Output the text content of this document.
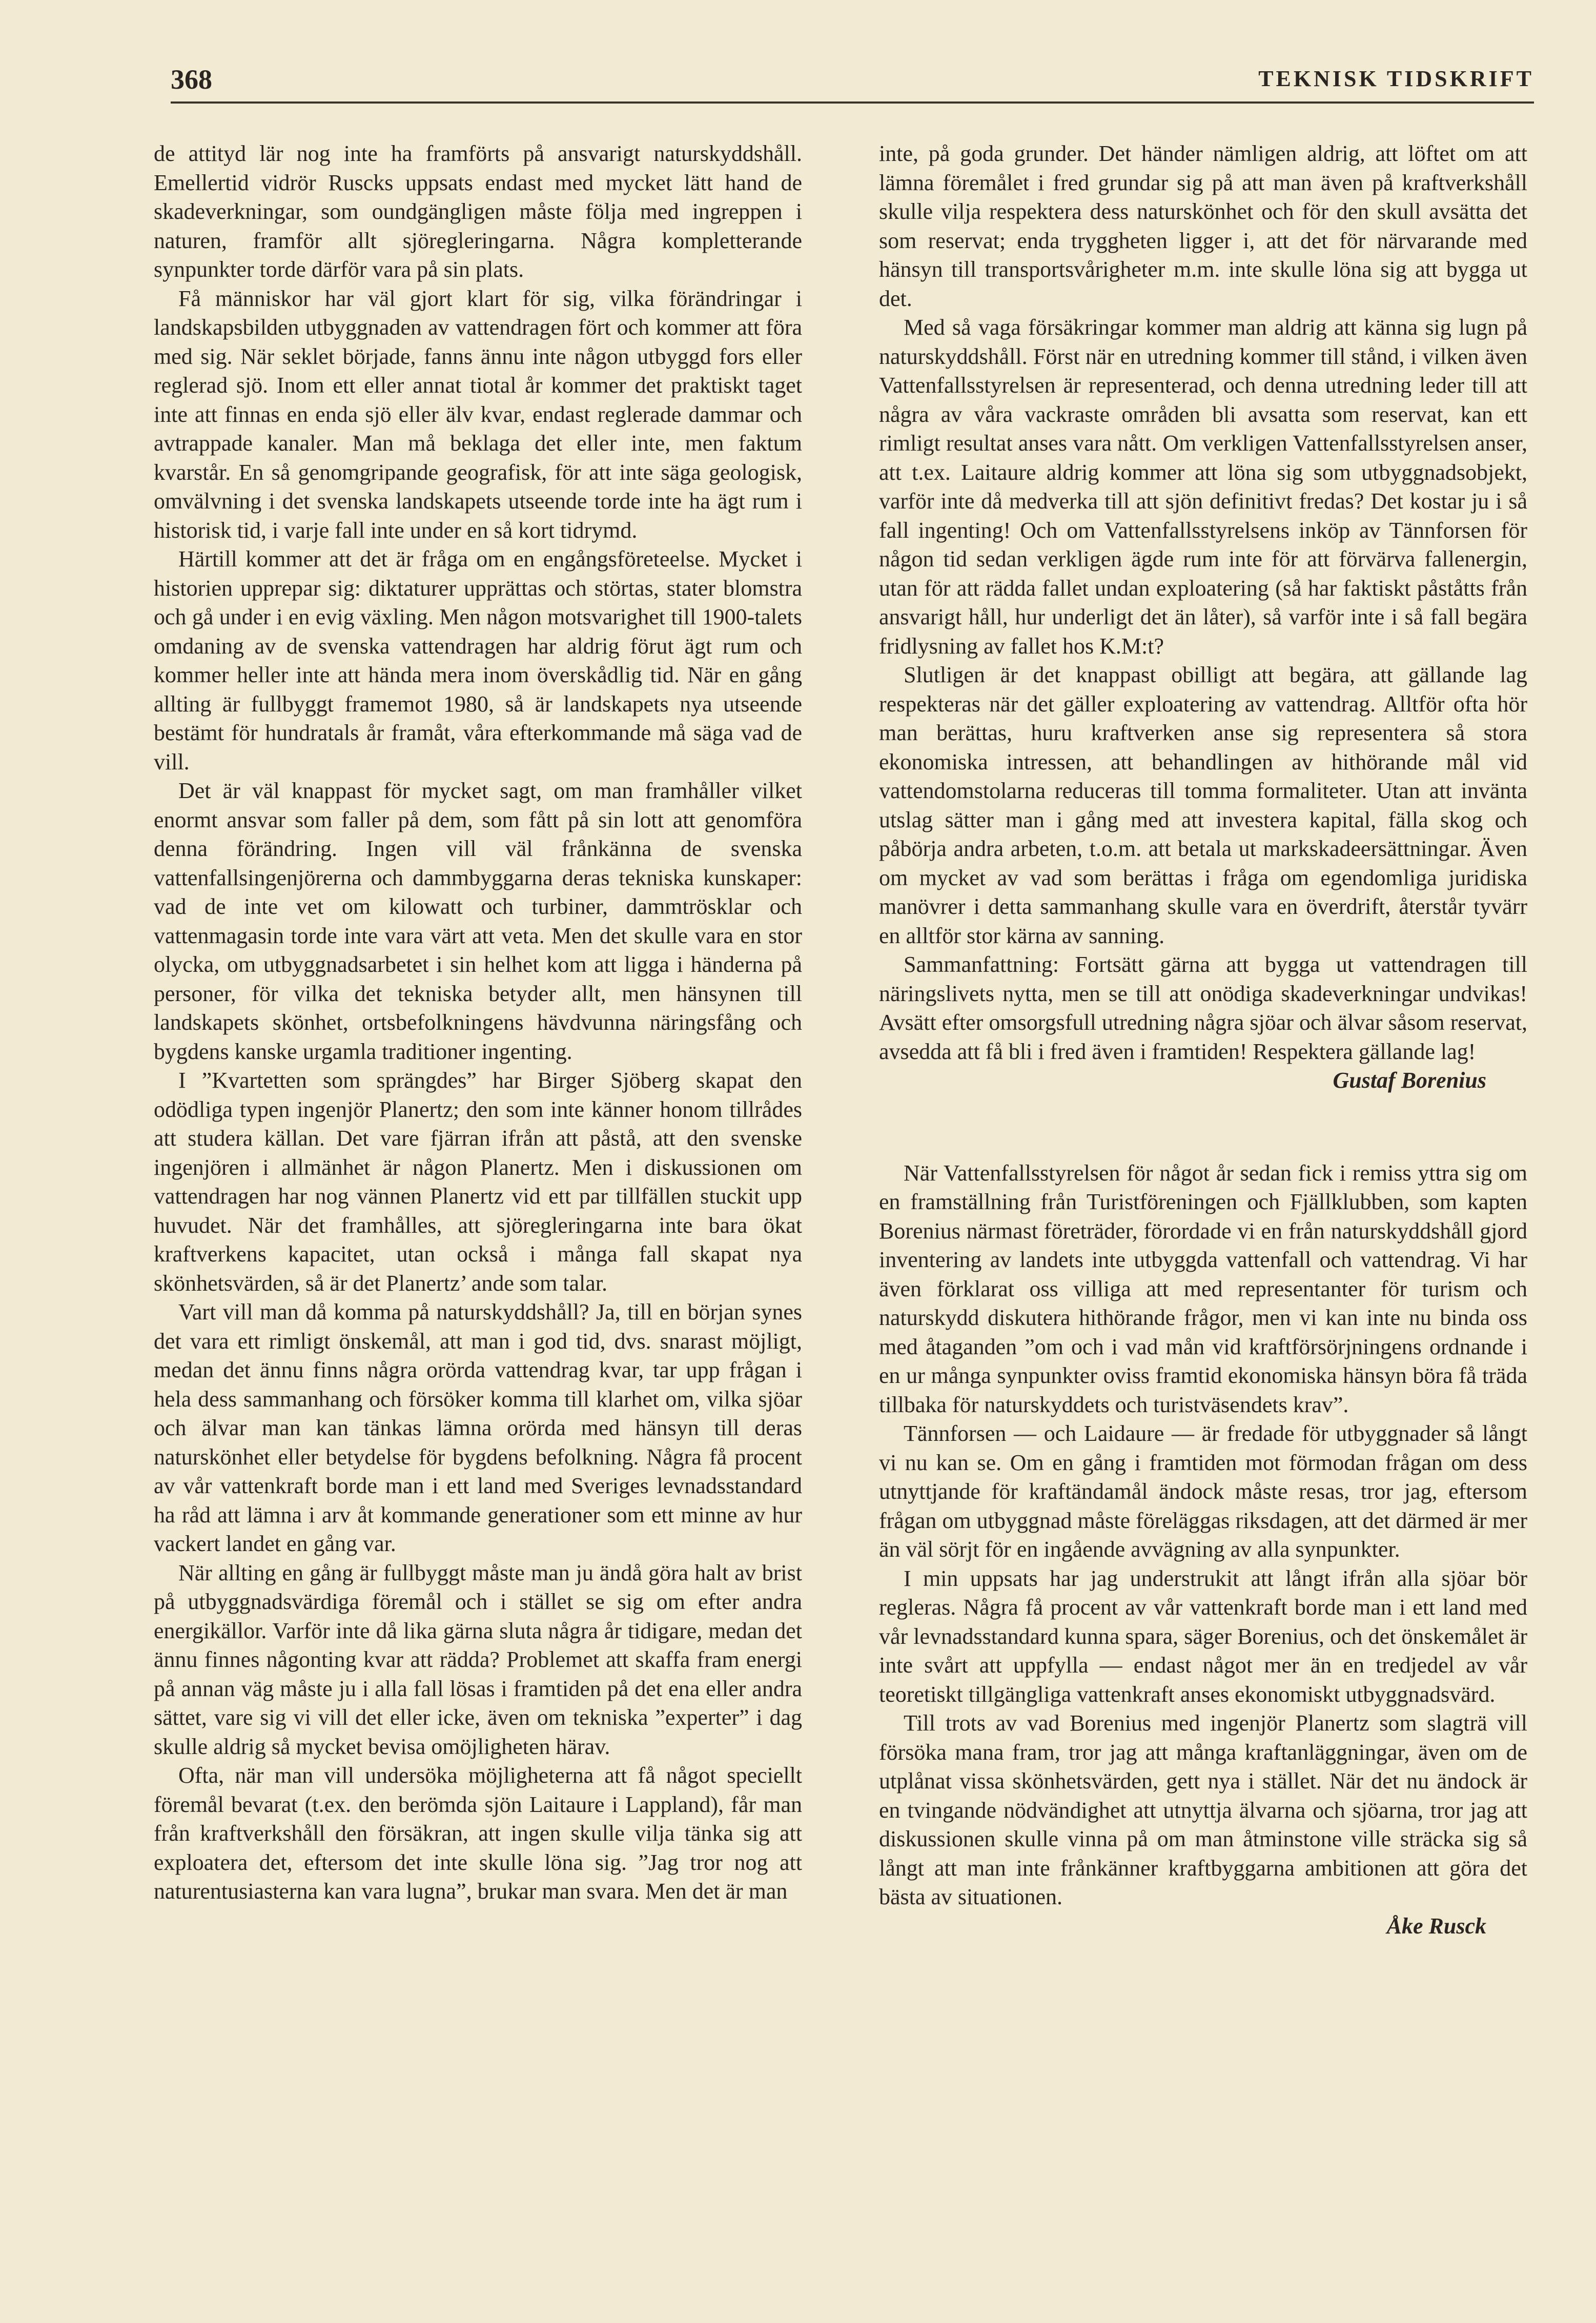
368	TEKNISK TIDSKRIFT

de attityd lär nog inte ha framförts på ansvarigt naturskyddshåll. Emellertid vidrör Ruscks uppsats endast med mycket lätt hand de skadeverkningar, som oundgängligen måste följa med ingreppen i naturen, framför allt sjöregleringarna. Några kompletterande synpunkter torde därför vara på sin plats.

Få människor har väl gjort klart för sig, vilka förändringar i landskapsbilden utbyggnaden av vattendragen fört och kommer att föra med sig. När seklet började, fanns ännu inte någon utbyggd fors eller reglerad sjö. Inom ett eller annat tiotal år kommer det praktiskt taget inte att finnas en enda sjö eller älv kvar, endast reglerade dammar och avtrappade kanaler. Man må beklaga det eller inte, men faktum kvarstår. En så genomgripande geografisk, för att inte säga geologisk, omvälvning i det svenska landskapets utseende torde inte ha ägt rum i historisk tid, i varje fall inte under en så kort tidrymd.

Härtill kommer att det är fråga om en engångsföreteelse. Mycket i historien upprepar sig: diktaturer upprättas och störtas, stater blomstra och gå under i en evig växling. Men någon motsvarighet till 1900-talets omdaning av de svenska vattendragen har aldrig förut ägt rum och kommer heller inte att hända mera inom överskådlig tid. När en gång allting är fullbyggt framemot 1980, så är landskapets nya utseende bestämt för hundratals år framåt, våra efterkommande må säga vad de vill.

Det är väl knappast för mycket sagt, om man framhåller vilket enormt ansvar som faller på dem, som fått på sin lott att genomföra denna förändring. Ingen vill väl frånkänna de svenska vattenfallsingenjörerna och dammbyggarna deras tekniska kunskaper: vad de inte vet om kilowatt och turbiner, dammtrösklar och vattenmagasin torde inte vara värt att veta. Men det skulle vara en stor olycka, om utbyggnadsarbetet i sin helhet kom att ligga i händerna på personer, för vilka det tekniska betyder allt, men hänsynen till landskapets skönhet, ortsbefolkningens hävdvunna näringsfång och bygdens kanske urgamla traditioner ingenting.

I ”Kvartetten som sprängdes” har Birger Sjöberg skapat den odödliga typen ingenjör Planertz; den som inte känner honom tillrådes att studera källan. Det vare fjärran ifrån att påstå, att den svenske ingenjören i allmänhet är någon Planertz. Men i diskussionen om vattendragen har nog vännen Planertz vid ett par tillfällen stuckit upp huvudet. När det framhålles, att sjöregleringarna inte bara ökat kraftverkens kapacitet, utan också i många fall skapat nya skönhetsvärden, så är det Planertz’ ande som talar.

Vart vill man då komma på naturskyddshåll? Ja, till en början synes det vara ett rimligt önskemål, att man i god tid, dvs. snarast möjligt, medan det ännu finns några orörda vattendrag kvar, tar upp frågan i hela dess sammanhang och försöker komma till klarhet om, vilka sjöar och älvar man kan tänkas lämna orörda med hänsyn till deras naturskönhet eller betydelse för bygdens befolkning. Några få procent av vår vattenkraft borde man i ett land med Sveriges levnadsstandard ha råd att lämna i arv åt kommande generationer som ett minne av hur vackert landet en gång var.

När allting en gång är fullbyggt måste man ju ändå göra halt av brist på utbyggnadsvärdiga föremål och i stället se sig om efter andra energikällor. Varför inte då lika gärna sluta några år tidigare, medan det ännu finnes någonting kvar att rädda? Problemet att skaffa fram energi på annan väg måste ju i alla fall lösas i framtiden på det ena eller andra sättet, vare sig vi vill det eller icke, även om tekniska ”experter” i dag skulle aldrig så mycket bevisa omöjligheten härav.

Ofta, när man vill undersöka möjligheterna att få något speciellt föremål bevarat (t.ex. den berömda sjön Laitaure i Lappland), får man från kraftverkshåll den försäkran, att ingen skulle vilja tänka sig att exploatera det, eftersom det inte skulle löna sig. ”Jag tror nog att naturentusiasterna kan vara lugna”, brukar man svara. Men det är man

inte, på goda grunder. Det händer nämligen aldrig, att löftet om att lämna föremålet i fred grundar sig på att man även på kraftverkshåll skulle vilja respektera dess naturskönhet och för den skull avsätta det som reservat; enda tryggheten ligger i, att det för närvarande med hänsyn till transportsvårigheter m.m. inte skulle löna sig att bygga ut det.

Med så vaga försäkringar kommer man aldrig att känna sig lugn på naturskyddshåll. Först när en utredning kommer till stånd, i vilken även Vattenfallsstyrelsen är representerad, och denna utredning leder till att några av våra vackraste områden bli avsatta som reservat, kan ett rimligt resultat anses vara nått. Om verkligen Vattenfallsstyrelsen anser, att t.ex. Laitaure aldrig kommer att löna sig som utbyggnadsobjekt, varför inte då medverka till att sjön definitivt fredas? Det kostar ju i så fall ingenting! Och om Vattenfallsstyrelsens inköp av Tännforsen för någon tid sedan verkligen ägde rum inte för att förvärva fallenergin, utan för att rädda fallet undan exploatering (så har faktiskt påståtts från ansvarigt håll, hur underligt det än låter), så varför inte i så fall begära fridlysning av fallet hos K.M:t?

Slutligen är det knappast obilligt att begära, att gällande lag respekteras när det gäller exploatering av vattendrag. Alltför ofta hör man berättas, huru kraftverken anse sig representera så stora ekonomiska intressen, att behandlingen av hithörande mål vid vattendomstolarna reduceras till tomma formaliteter. Utan att invänta utslag sätter man i gång med att investera kapital, fälla skog och påbörja andra arbeten, t.o.m. att betala ut markskadeersättningar. Även om mycket av vad som berättas i fråga om egendomliga juridiska manövrer i detta sammanhang skulle vara en överdrift, återstår tyvärr en alltför stor kärna av sanning.

Sammanfattning: Fortsätt gärna att bygga ut vattendragen till näringslivets nytta, men se till att onödiga skadeverkningar undvikas! Avsätt efter omsorgsfull utredning några sjöar och älvar såsom reservat, avsedda att få bli i fred även i framtiden! Respektera gällande lag!

Gustaf Borenius

När Vattenfallsstyrelsen för något år sedan fick i remiss yttra sig om en framställning från Turistföreningen och Fjällklubben, som kapten Borenius närmast företräder, förordade vi en från naturskyddshåll gjord inventering av landets inte utbyggda vattenfall och vattendrag. Vi har även förklarat oss villiga att med representanter för turism och naturskydd diskutera hithörande frågor, men vi kan inte nu binda oss med åtaganden ”om och i vad mån vid kraftförsörjningens ordnande i en ur många synpunkter oviss framtid ekonomiska hänsyn böra få träda tillbaka för naturskyddets och turistväsendets krav”.

Tännforsen — och Laidaure — är fredade för utbyggnader så långt vi nu kan se. Om en gång i framtiden mot förmodan frågan om dess utnyttjande för kraftändamål ändock måste resas, tror jag, eftersom frågan om utbyggnad måste föreläggas riksdagen, att det därmed är mer än väl sörjt för en ingående avvägning av alla synpunkter.

I min uppsats har jag understrukit att långt ifrån alla sjöar bör regleras. Några få procent av vår vattenkraft borde man i ett land med vår levnadsstandard kunna spara, säger Borenius, och det önskemålet är inte svårt att uppfylla — endast något mer än en tredjedel av vår teoretiskt tillgängliga vattenkraft anses ekonomiskt utbyggnadsvärd.

Till trots av vad Borenius med ingenjör Planertz som slagträ vill försöka mana fram, tror jag att många kraftanläggningar, även om de utplånat vissa skönhetsvärden, gett nya i stället. När det nu ändock är en tvingande nödvändighet att utnyttja älvarna och sjöarna, tror jag att diskussionen skulle vinna på om man åtminstone ville sträcka sig så långt att man inte frånkänner kraftbyggarna ambitionen att göra det bästa av situationen.

Åke Rusck
